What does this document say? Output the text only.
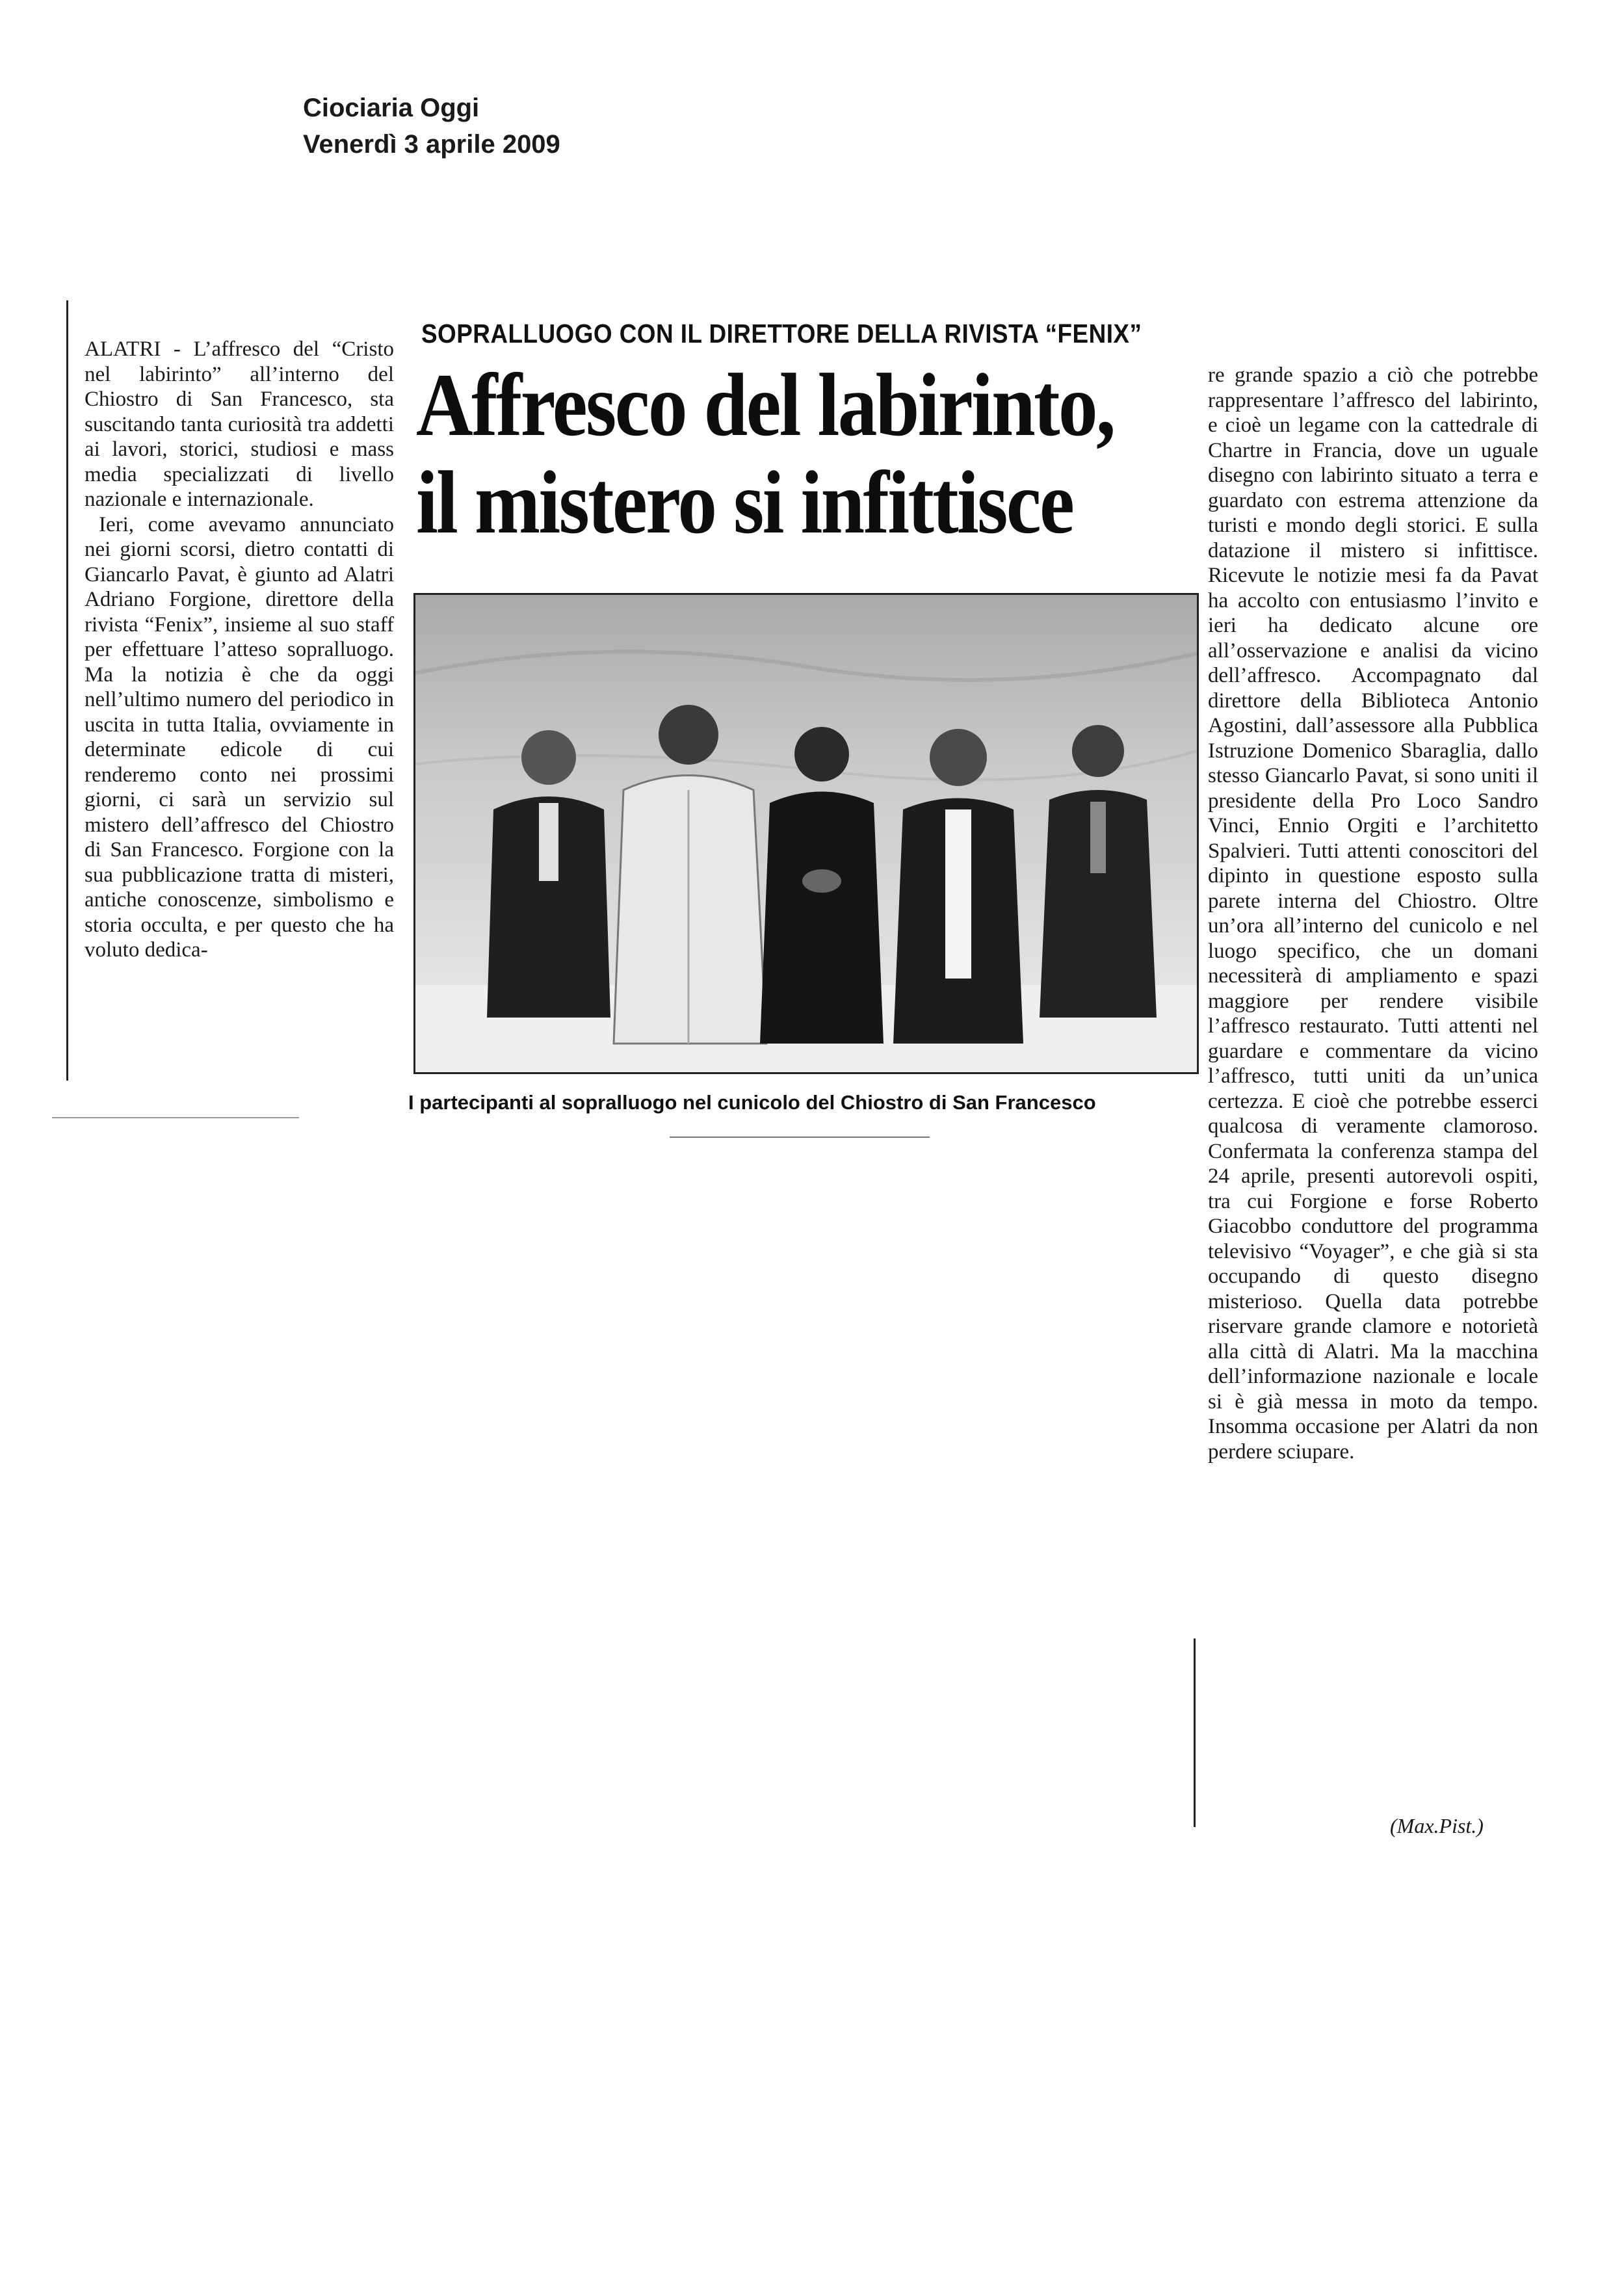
Ciociaria Oggi
Venerdì 3 aprile 2009

ALATRI - L’affresco del “Cristo nel labirinto” all’interno del Chiostro di San Francesco, sta suscitando tanta curiosità tra addetti ai lavori, storici, studiosi e mass media specializzati di livello nazionale e internazionale.

Ieri, come avevamo annunciato nei giorni scorsi, dietro contatti di Giancarlo Pavat, è giunto ad Alatri Adriano Forgione, direttore della rivista “Fenix”, insieme al suo staff per effettuare l’atteso sopralluogo. Ma la notizia è che da oggi nell’ultimo numero del periodico in uscita in tutta Italia, ovviamente in determinate edicole di cui renderemo conto nei prossimi giorni, ci sarà un servizio sul mistero dell’affresco del Chiostro di San Francesco. Forgione con la sua pubblicazione tratta di misteri, antiche conoscenze, simbolismo e storia occulta, e per questo che ha voluto dedica-

SOPRALLUOGO CON IL DIRETTORE DELLA RIVISTA “FENIX”
Affresco del labirinto,
il mistero si infittisce
I partecipanti al sopralluogo nel cunicolo del Chiostro di San Francesco

re grande spazio a ciò che potrebbe rappresentare l’affresco del labirinto, e cioè un legame con la cattedrale di Chartre in Francia, dove un uguale disegno con labirinto situato a terra e guardato con estrema attenzione da turisti e mondo degli storici. E sulla datazione il mistero si infittisce. Ricevute le notizie mesi fa da Pavat ha accolto con entusiasmo l’invito e ieri ha dedicato alcune ore all’osservazione e analisi da vicino dell’affresco. Accompagnato dal direttore della Biblioteca Antonio Agostini, dall’assessore alla Pubblica Istruzione Domenico Sbaraglia, dallo stesso Giancarlo Pavat, si sono uniti il presidente della Pro Loco Sandro Vinci, Ennio Orgiti e l’architetto Spalvieri. Tutti attenti conoscitori del dipinto in questione esposto sulla parete interna del Chiostro. Oltre un’ora all’interno del cunicolo e nel luogo specifico, che un domani necessiterà di ampliamento e spazi maggiore per rendere visibile l’affresco restaurato. Tutti attenti nel guardare e commentare da vicino l’affresco, tutti uniti da un’unica certezza. E cioè che potrebbe esserci qualcosa di veramente clamoroso. Confermata la conferenza stampa del 24 aprile, presenti autorevoli ospiti, tra cui Forgione e forse Roberto Giacobbo conduttore del programma televisivo “Voyager”, e che già si sta occupando di questo disegno misterioso. Quella data potrebbe riservare grande clamore e notorietà alla città di Alatri. Ma la macchina dell’informazione nazionale e locale si è già messa in moto da tempo. Insomma occasione per Alatri da non perdere sciupare.

(Max.Pist.)
